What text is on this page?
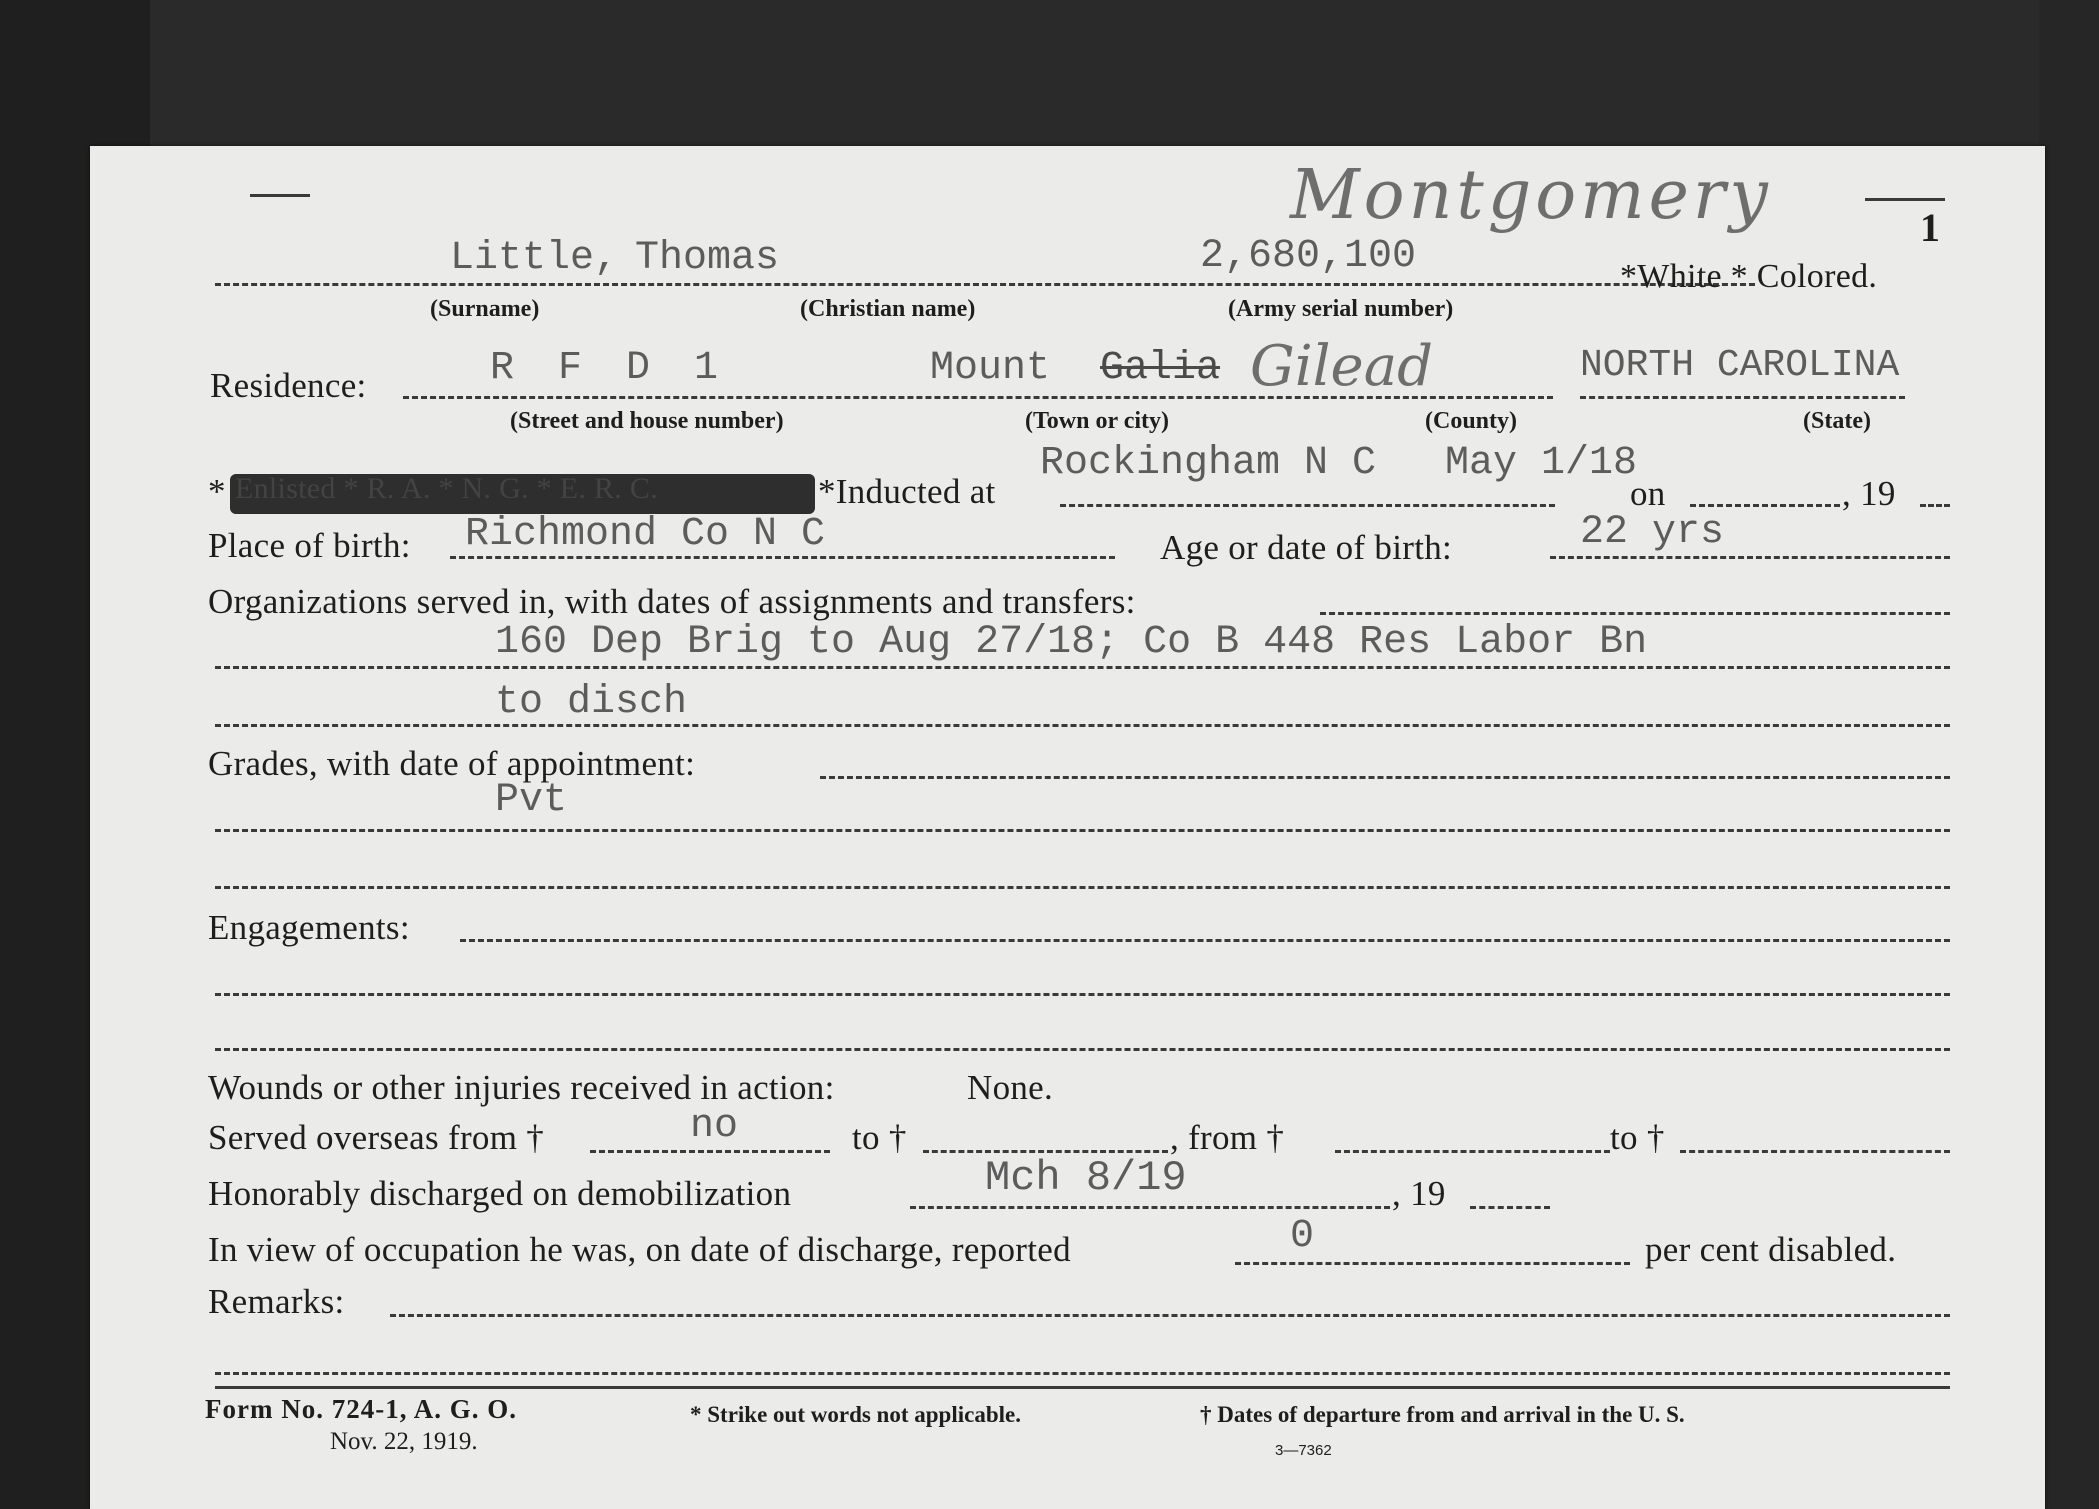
1
Montgomery
Little, Thomas	2,680,100	*White * Colored.
(Surname)	(Christian name)	(Army serial number)
Residence:	R F D 1	Mount Galia Gilead	NORTH CAROLINA
(Street and house number)	(Town or city)	(County)	(State)
* Enlisted * R. A. * N. G. * E. R. C.	*Inducted at
Rockingham N C May 1/18
on	, 19
Place of birth: Richmond Co N C	Age or date of birth:	22 yrs
Organizations served in, with dates of assignments and transfers:
160 Dep Brig to Aug 27/18; Co B 448 Res Labor Bn
to disch
Grades, with date of appointment:
Pvt
Engagements:
Wounds or other injuries received in action:	None.
Served overseas from †	no	to †	, from †	to †
Honorably discharged on demobilization	Mch 8/19	, 19
In view of occupation he was, on date of discharge, reported	0	per cent disabled.
Remarks:
Form No. 724-1, A. G. O.
Nov. 22, 1919.
* Strike out words not applicable.	† Dates of departure from and arrival in the U. S.
3—7362
